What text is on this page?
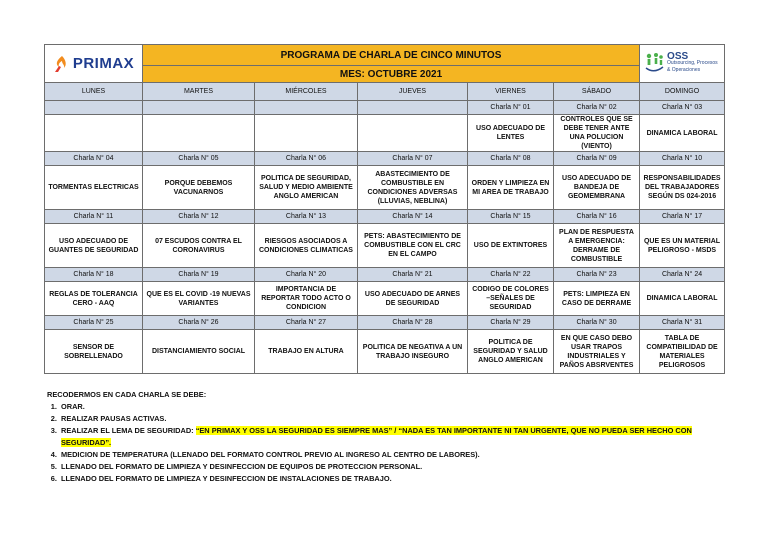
PRIMAX	PROGRAMA DE CHARLA DE CINCO MINUTOS					OSS
Outsourcing, Procesos
& Operaciones

	MES: OCTUBRE 2021					
LUNES	MARTES	MIÉRCOLES	JUEVES	VIERNES	SÁBADO	DOMINGO
				Charla N° 01	Charla N° 02	Charla N° 03
				USO ADECUADO DE LENTES	CONTROLES QUE SE DEBE TENER ANTE UNA POLUCION (VIENTO)	DINAMICA LABORAL
Charla N° 04	Charla N° 05	Charla N° 06	Charla N° 07	Charla N° 08	Charla N° 09	Charla N° 10
TORMENTAS ELECTRICAS	PORQUE DEBEMOS VACUNARNOS	POLITICA DE SEGURIDAD, SALUD Y MEDIO AMBIENTE ANGLO AMERICAN	ABASTECIMIENTO DE COMBUSTIBLE EN CONDICIONES ADVERSAS (LLUVIAS, NEBLINA)	ORDEN Y LIMPIEZA EN MI AREA DE TRABAJO	USO ADECUADO DE BANDEJA DE GEOMEMBRANA	RESPONSABILIDADES DEL TRABAJADORES SEGÚN DS 024-2016
Charla N° 11	Charla N° 12	Charla N° 13	Charla N° 14	Charla N° 15	Charla N° 16	Charla N° 17
USO ADECUADO DE GUANTES DE SEGURIDAD	07 ESCUDOS CONTRA EL CORONAVIRUS	RIESGOS ASOCIADOS A CONDICIONES CLIMATICAS	PETS: ABASTECIMIENTO DE COMBUSTIBLE CON EL CRC EN EL CAMPO	USO DE EXTINTORES	PLAN DE RESPUESTA A EMERGENCIA: DERRAME DE COMBUSTIBLE	QUE ES UN MATERIAL PELIGROSO - MSDS
Charla N° 18	Charla N° 19	Charla N° 20	Charla N° 21	Charla N° 22	Charla N° 23	Charla N° 24
REGLAS DE TOLERANCIA CERO - AAQ	QUE ES EL COVID -19 NUEVAS VARIANTES	IMPORTANCIA DE REPORTAR TODO ACTO O CONDICION	USO ADECUADO DE ARNES DE SEGURIDAD	CODIGO DE COLORES –SEÑALES DE SEGURIDAD	PETS: LIMPIEZA EN CASO DE DERRAME	DINAMICA LABORAL
Charla N° 25	Charla N° 26	Charla N° 27	Charla N° 28	Charla N° 29	Charla N° 30	Charla N° 31
SENSOR DE SOBRELLENADO	DISTANCIAMIENTO SOCIAL	TRABAJO EN ALTURA	POLITICA DE NEGATIVA A UN TRABAJO INSEGURO	POLITICA DE SEGURIDAD Y SALUD ANGLO AMERICAN	EN QUE CASO DEBO USAR TRAPOS INDUSTRIALES Y PAÑOS ABSRVENTES	TABLA DE COMPATIBILIDAD DE MATERIALES PELIGROSOS
RECODERMOS EN CADA CHARLA SE DEBE:
1. ORAR.
2. REALIZAR PAUSAS ACTIVAS.
3. REALIZAR EL LEMA DE SEGURIDAD: “EN PRIMAX Y OSS LA SEGURIDAD ES SIEMPRE MAS” / “NADA ES TAN IMPORTANTE NI TAN URGENTE, QUE NO PUEDA SER HECHO CON SEGURIDAD”.
4. MEDICION DE TEMPERATURA (LLENADO DEL FORMATO CONTROL PREVIO AL INGRESO AL CENTRO DE LABORES).
5. LLENADO DEL FORMATO DE LIMPIEZA Y DESINFECCION DE EQUIPOS DE PROTECCION PERSONAL.
6. LLENADO DEL FORMATO DE LIMPIEZA Y DESINFECCION DE INSTALACIONES DE TRABAJO.
